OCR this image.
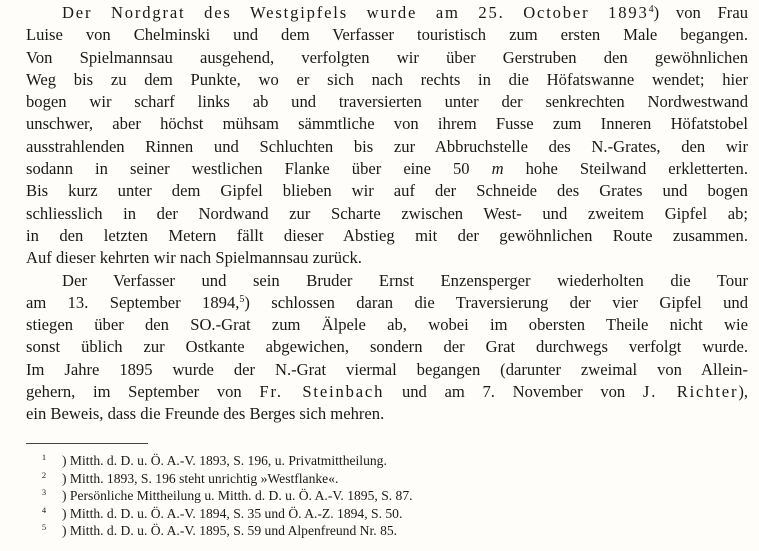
Der Nordgrat des Westgipfels wurde am 25. October 1893$^4$) von Frau
Luise von Chelminski und dem Verfasser touristisch zum ersten Male begangen.
Von Spielmannsau ausgehend, verfolgten wir über Gerstruben den gewöhnlichen
Weg bis zu dem Punkte, wo er sich nach rechts in die Höfatswanne wendet; hier
bogen wir scharf links ab und traversierten unter der senkrechten Nordwestwand
unschwer, aber höchst mühsam sämmtliche von ihrem Fusse zum Inneren Höfatstobel
ausstrahlenden Rinnen und Schluchten bis zur Abbruchstelle des N.-Grates, den wir
sodann in seiner westlichen Flanke über eine 50 m hohe Steilwand erkletterten.
Bis kurz unter dem Gipfel blieben wir auf der Schneide des Grates und bogen
schliesslich in der Nordwand zur Scharte zwischen West- und zweitem Gipfel ab;
in den letzten Metern fällt dieser Abstieg mit der gewöhnlichen Route zusammen.
Auf dieser kehrten wir nach Spielmannsau zurück.
Der Verfasser und sein Bruder Ernst Enzensperger wiederholten die Tour
am 13. September 1894,$^5$) schlossen daran die Traversierung der vier Gipfel und
stiegen über den SO.-Grat zum Älpele ab, wobei im obersten Theile nicht wie
sonst üblich zur Ostkante abgewichen, sondern der Grat durchwegs verfolgt wurde.
Im Jahre 1895 wurde der N.-Grat viermal begangen (darunter zweimal von Allein-
gehern, im September von Fr. Steinbach und am 7. November von J. Richter),
ein Beweis, dass die Freunde des Berges sich mehren.
$^1$ ) Mitth. d. D. u. Ö. A.-V. 1893, S. 196, u. Privatmittheilung.
$^2$ ) Mitth. 1893, S. 196 steht unrichtig »Westflanke«.
$^3$ ) Persönliche Mittheilung u. Mitth. d. D. u. Ö. A.-V. 1895, S. 87.
$^4$ ) Mitth. d. D. u. Ö. A.-V. 1894, S. 35 und Ö. A.-Z. 1894, S. 50.
$^5$ ) Mitth. d. D. u. Ö. A.-V. 1895, S. 59 und Alpenfreund Nr. 85.
